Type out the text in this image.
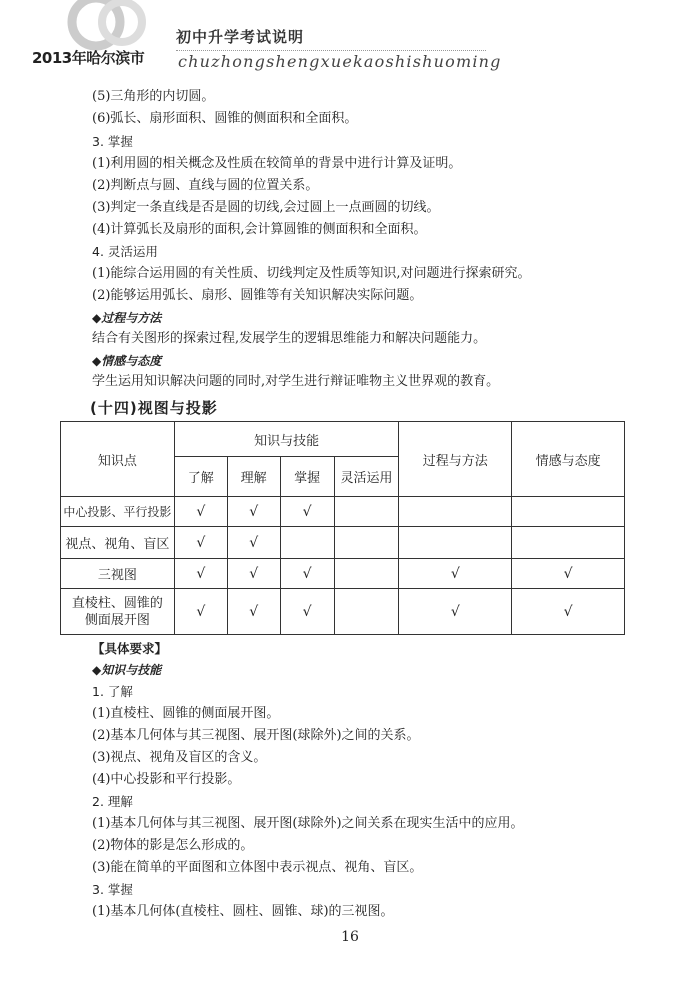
初中升学考试说明
2013年哈尔滨市 chuzhongshengxuekaoshishuoming
(5)三角形的内切圆。
(6)弧长、扇形面积、圆锥的侧面积和全面积。
3. 掌握
(1)利用圆的相关概念及性质在较简单的背景中进行计算及证明。
(2)判断点与圆、直线与圆的位置关系。
(3)判定一条直线是否是圆的切线,会过圆上一点画圆的切线。
(4)计算弧长及扇形的面积,会计算圆锥的侧面积和全面积。
4. 灵活运用
(1)能综合运用圆的有关性质、切线判定及性质等知识,对问题进行探索研究。
(2)能够运用弧长、扇形、圆锥等有关知识解决实际问题。
◆过程与方法
结合有关图形的探索过程,发展学生的逻辑思维能力和解决问题能力。
◆情感与态度
学生运用知识解决问题的同时,对学生进行辩证唯物主义世界观的教育。
(十四)视图与投影
知识点	知识与技能				过程与方法	情感与态度
	了解	理解	掌握	灵活运用		
中心投影、平行投影	√	√	√			
视点、视角、盲区	√	√				
三视图	√	√	√		√	√
直棱柱、圆锥的侧面展开图	√	√	√		√	√
【具体要求】
◆知识与技能
1. 了解
(1)直棱柱、圆锥的侧面展开图。
(2)基本几何体与其三视图、展开图(球除外)之间的关系。
(3)视点、视角及盲区的含义。
(4)中心投影和平行投影。
2. 理解
(1)基本几何体与其三视图、展开图(球除外)之间关系在现实生活中的应用。
(2)物体的影是怎么形成的。
(3)能在简单的平面图和立体图中表示视点、视角、盲区。
3. 掌握
(1)基本几何体(直棱柱、圆柱、圆锥、球)的三视图。
16
